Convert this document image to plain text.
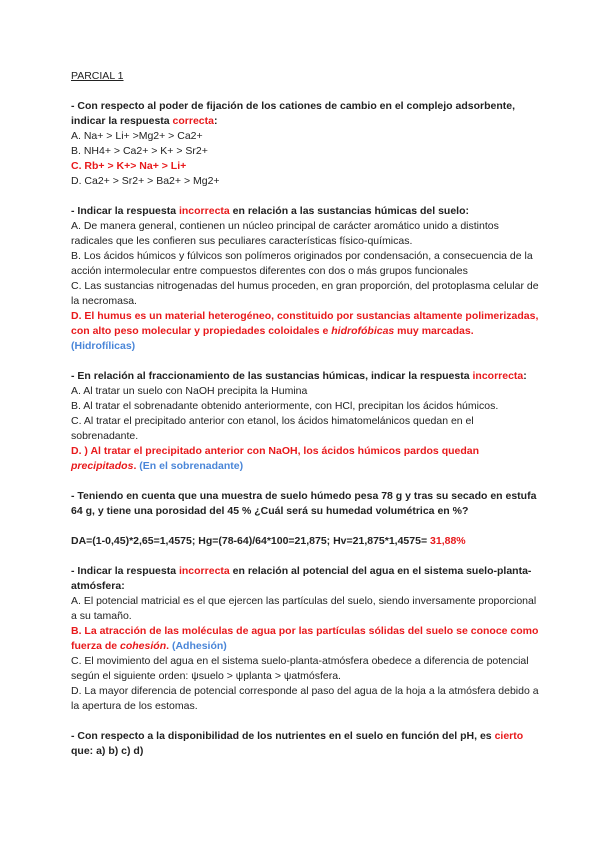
PARCIAL 1
- Con respecto al poder de fijación de los cationes de cambio en el complejo adsorbente, indicar la respuesta correcta:
A. Na+ > Li+ >Mg2+ > Ca2+
B. NH4+ > Ca2+ > K+ > Sr2+
C. Rb+ > K+> Na+ > Li+
D. Ca2+ > Sr2+ > Ba2+ > Mg2+
- Indicar la respuesta incorrecta en relación a las sustancias húmicas del suelo:
A. De manera general, contienen un núcleo principal de carácter aromático unido a distintos radicales que les confieren sus peculiares características físico-químicas.
B. Los ácidos húmicos y fúlvicos son polímeros originados por condensación, a consecuencia de la acción intermolecular entre compuestos diferentes con dos o más grupos funcionales
C. Las sustancias nitrogenadas del humus proceden, en gran proporción, del protoplasma celular de la necromasa.
D. El humus es un material heterogéneo, constituido por sustancias altamente polimerizadas, con alto peso molecular y propiedades coloidales e hidrofóbicas muy marcadas. (Hidrofílicas)
- En relación al fraccionamiento de las sustancias húmicas, indicar la respuesta incorrecta:
A. Al tratar un suelo con NaOH precipita la Humina
B. Al tratar el sobrenadante obtenido anteriormente, con HCl, precipitan los ácidos húmicos.
C. Al tratar el precipitado anterior con etanol, los ácidos himatomelánicos quedan en el sobrenadante.
D. ) Al tratar el precipitado anterior con NaOH, los ácidos húmicos pardos quedan precipitados. (En el sobrenadante)
- Teniendo en cuenta que una muestra de suelo húmedo pesa 78 g y tras su secado en estufa 64 g, y tiene una porosidad del 45 % ¿Cuál será su humedad volumétrica en %?
DA=(1-0,45)*2,65=1,4575; Hg=(78-64)/64*100=21,875; Hv=21,875*1,4575= 31,88%
- Indicar la respuesta incorrecta en relación al potencial del agua en el sistema suelo-planta-atmósfera:
A. El potencial matricial es el que ejercen las partículas del suelo, siendo inversamente proporcional a su tamaño.
B. La atracción de las moléculas de agua por las partículas sólidas del suelo se conoce como fuerza de cohesión. (Adhesión)
C. El movimiento del agua en el sistema suelo-planta-atmósfera obedece a diferencia de potencial según el siguiente orden: ψsuelo > ψplanta > ψatmósfera.
D. La mayor diferencia de potencial corresponde al paso del agua de la hoja a la atmósfera debido a la apertura de los estomas.
- Con respecto a la disponibilidad de los nutrientes en el suelo en función del pH, es cierto que: a) b) c) d)
